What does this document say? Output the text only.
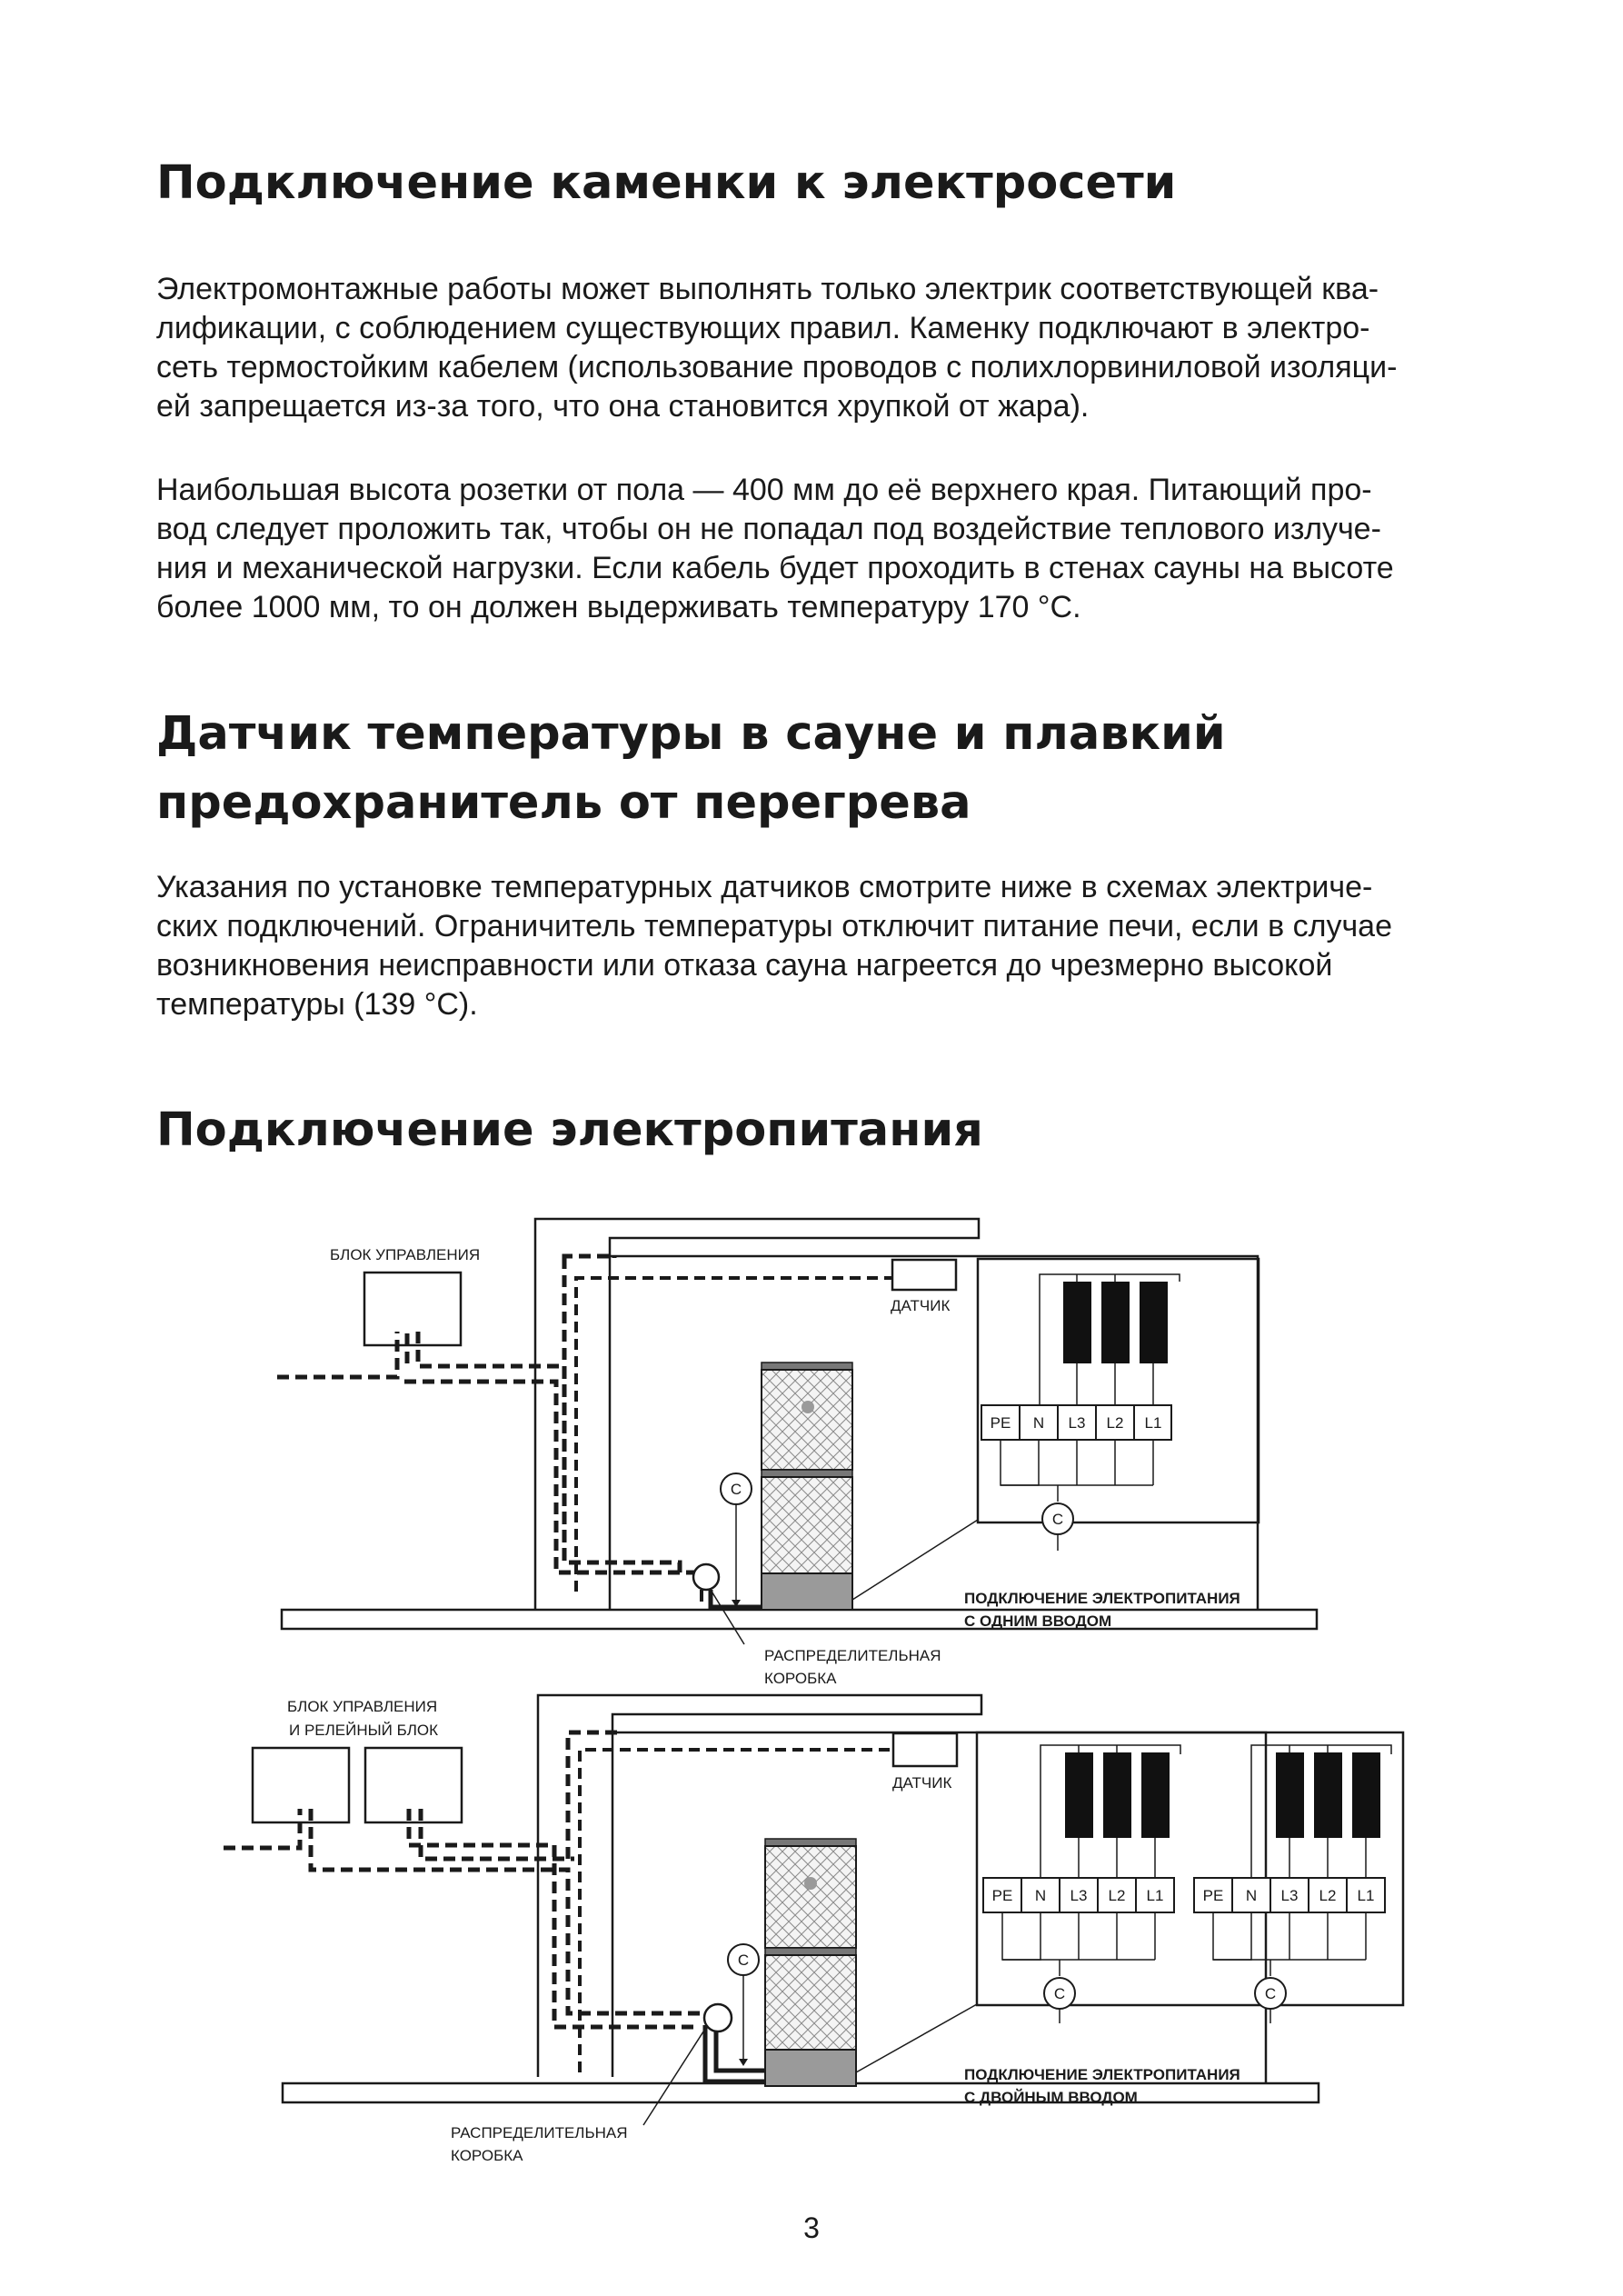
Подключение каменки к электросети
Электромонтажные работы может выполнять только электрик соответствующей ква-
лификации, с соблюдением существующих правил. Каменку подключают в электро-
сеть термостойким кабелем (использование проводов с полихлорвиниловой изоляци-
ей запрещается из-за того, что она становится хрупкой от жара).
Наибольшая высота розетки от пола — 400 мм до её верхнего края. Питающий про-
вод следует проложить так, чтобы он не попадал под воздействие теплового излуче-
ния и механической нагрузки. Если кабель будет проходить в стенах сауны на высоте
более 1000 мм, то он должен выдерживать температуру 170 °С.
Датчик температуры в сауне и плавкий
предохранитель от перегрева
Указания по установке температурных датчиков смотрите ниже в схемах электриче-
ских подключений. Ограничитель температуры отключит питание печи, если в случае
возникновения неисправности или отказа сауна нагреется до чрезмерно высокой
температуры (139 °С).
Подключение электропитания
БЛОК УПРАВЛЕНИЯ
ДАТЧИК
C
РАСПРЕДЕЛИТЕЛЬНАЯ
КОРОБКА
PE N L3 L2 L1
C
ПОДКЛЮЧЕНИЕ ЭЛЕКТРОПИТАНИЯ
С ОДНИМ ВВОДОМ
БЛОК УПРАВЛЕНИЯ
И РЕЛЕЙНЫЙ БЛОК
ДАТЧИК
C
РАСПРЕДЕЛИТЕЛЬНАЯ
КОРОБКА
PE N L3 L2 L1
C
PE N L3 L2 L1
C
ПОДКЛЮЧЕНИЕ ЭЛЕКТРОПИТАНИЯ
С ДВОЙНЫМ ВВОДОМ
3
